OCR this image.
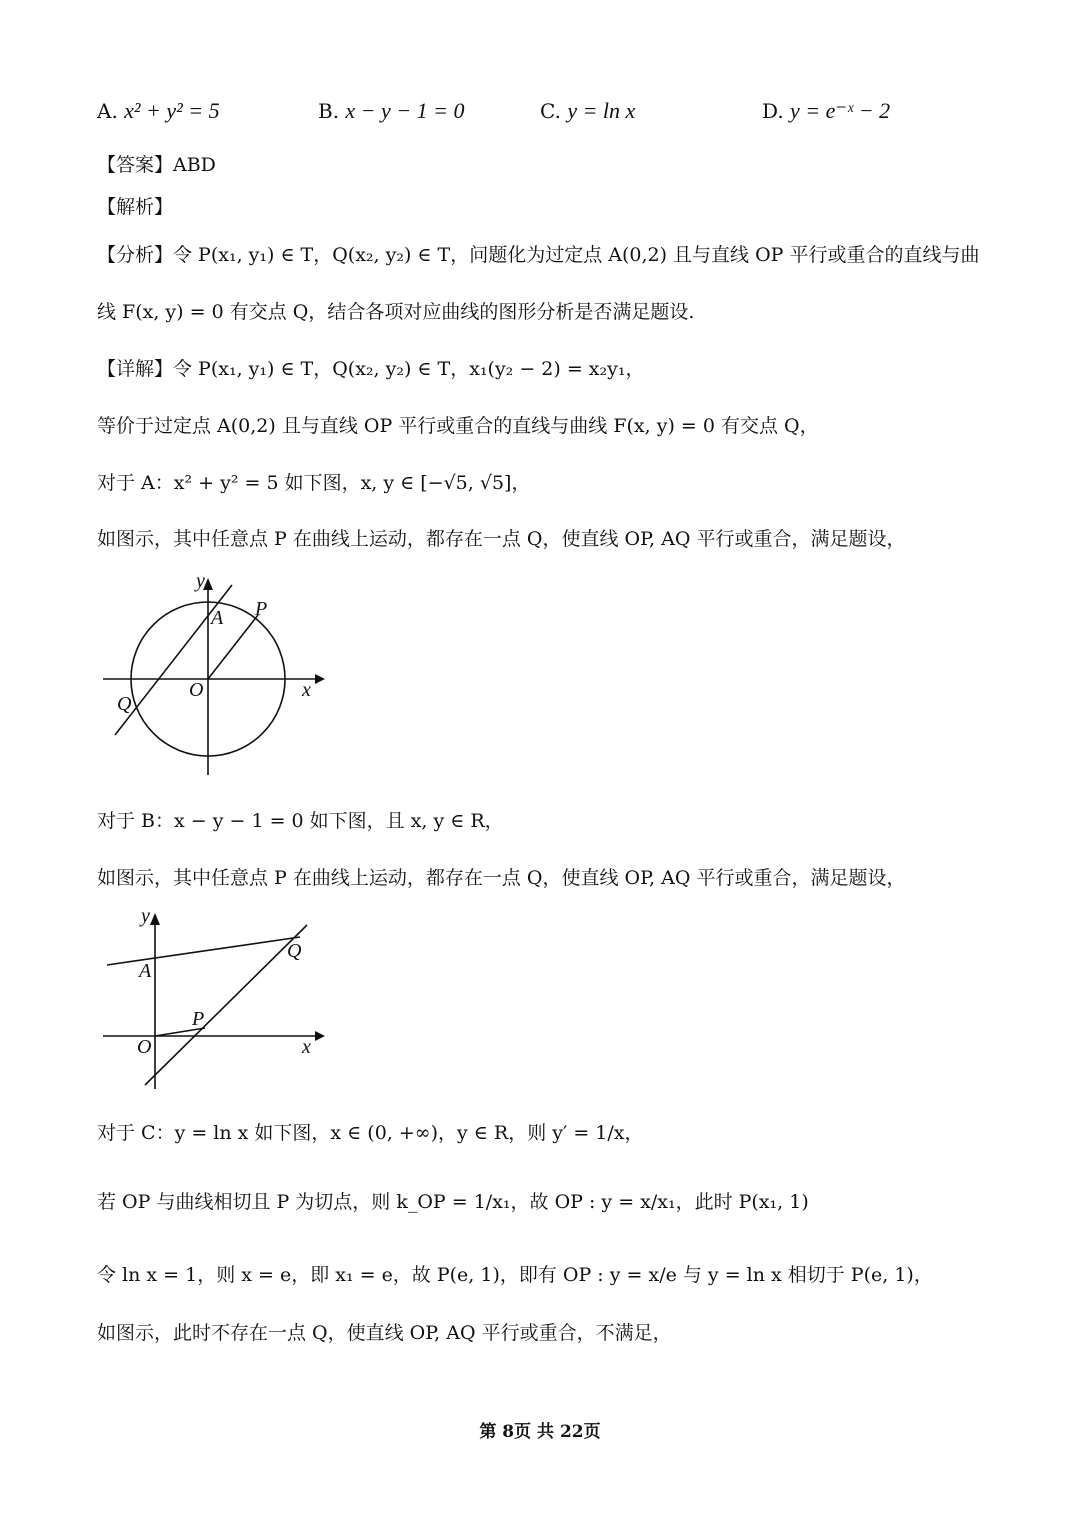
A. x² + y² = 5	B. x − y − 1 = 0	C. y = ln x	D. y = e⁻ˣ − 2
【答案】ABD
【解析】
【分析】令 P(x₁, y₁) ∈ T，Q(x₂, y₂) ∈ T，问题化为过定点 A(0,2) 且与直线 OP 平行或重合的直线与曲
线 F(x, y) = 0 有交点 Q，结合各项对应曲线的图形分析是否满足题设.
【详解】令 P(x₁, y₁) ∈ T，Q(x₂, y₂) ∈ T，x₁(y₂ − 2) = x₂y₁，
等价于过定点 A(0,2) 且与直线 OP 平行或重合的直线与曲线 F(x, y) = 0 有交点 Q，
对于 A：x² + y² = 5 如下图，x, y ∈ [−√5, √5]，
如图示，其中任意点 P 在曲线上运动，都存在一点 Q，使直线 OP, AQ 平行或重合，满足题设，
y
x
A P
O
Q
对于 B：x − y − 1 = 0 如下图，且 x, y ∈ R，
如图示，其中任意点 P 在曲线上运动，都存在一点 Q，使直线 OP, AQ 平行或重合，满足题设，
y
x
A
P
O
Q
对于 C：y = ln x 如下图，x ∈ (0, +∞)，y ∈ R，则 y′ = 1/x，
若 OP 与曲线相切且 P 为切点，则 k_OP = 1/x₁，故 OP : y = x/x₁，此时 P(x₁, 1)
令 ln x = 1，则 x = e，即 x₁ = e，故 P(e, 1)，即有 OP : y = x/e 与 y = ln x 相切于 P(e, 1)，
如图示，此时不存在一点 Q，使直线 OP, AQ 平行或重合，不满足，
第 8页 共 22页
